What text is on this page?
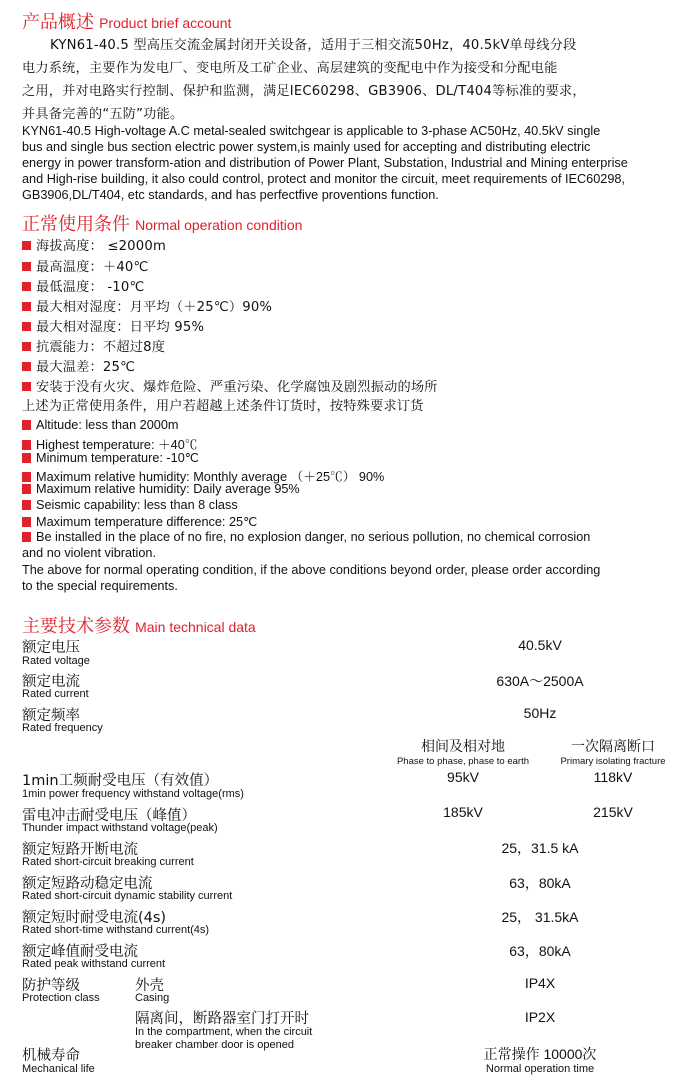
产品概述 Product brief account
KYN61-40.5 型高压交流金属封闭开关设备，适用于三相交流50Hz，40.5kV单母线分段
电力系统，主要作为发电厂、变电所及工矿企业、高层建筑的变配电中作为接受和分配电能
之用，并对电路实行控制、保护和监测，满足IEC60298、GB3906、DL/T404等标准的要求，
并具备完善的“五防”功能。
KYN61-40.5 High-voltage A.C metal-sealed switchgear is applicable to 3-phase AC50Hz, 40.5kV single
bus and single bus section electric power system,is mainly used for accepting and distributing electric
energy in power transform-ation and distribution of Power Plant, Substation, Industrial and Mining enterprise
and High-rise building, it also could control, protect and monitor the circuit, meet requirements of IEC60298,
GB3906,DL/T404, etc standards, and has perfectfive proventions function.
正常使用条件 Normal operation condition
海拔高度： ≤2000m
最高温度：＋40℃
最低温度： -10℃
最大相对湿度：月平均（＋25℃）90%
最大相对湿度：日平均 95%
抗震能力：不超过8度
最大温差：25℃
安装于没有火灾、爆炸危险、严重污染、化学腐蚀及剧烈振动的场所
上述为正常使用条件，用户若超越上述条件订货时，按特殊要求订货
Altitude: less than 2000m
Highest temperature: ＋40℃
Minimum temperature: -10℃
Maximum relative humidity: Monthly average （＋25℃） 90%
Maximum relative humidity: Daily average 95%
Seismic capability: less than 8 class
Maximum temperature difference: 25℃
Be installed in the place of no fire, no explosion danger, no serious pollution, no chemical corrosion
and no violent vibration.
The above for normal operating condition, if the above conditions beyond order, please order according
to the special requirements.
主要技术参数 Main technical data
额定电压
Rated voltage
40.5kV
额定电流
Rated current
630A～2500A
额定频率
Rated frequency
50Hz
相间及相对地
Phase to phase, phase to earth
一次隔离断口
Primary isolating fracture
1min工频耐受电压（有效值）
1min power frequency withstand voltage(rms)
95kV	118kV
雷电冲击耐受电压（峰值）
Thunder impact withstand voltage(peak)
185kV	215kV
额定短路开断电流
Rated short-circuit breaking current
25，31.5 kA
额定短路动稳定电流
Rated short-circuit dynamic stability current
63，80kA
额定短时耐受电流(4s)
Rated short-time withstand current(4s)
25， 31.5kA
额定峰值耐受电流
Rated peak withstand current
63，80kA
防护等级
Protection class
外壳
Casing
IP4X
隔离间，断路器室门打开时
In the compartment, when the circuit
breaker chamber door is opened
IP2X
机械寿命
Mechanical life
正常操作 10000次
Normal operation time
